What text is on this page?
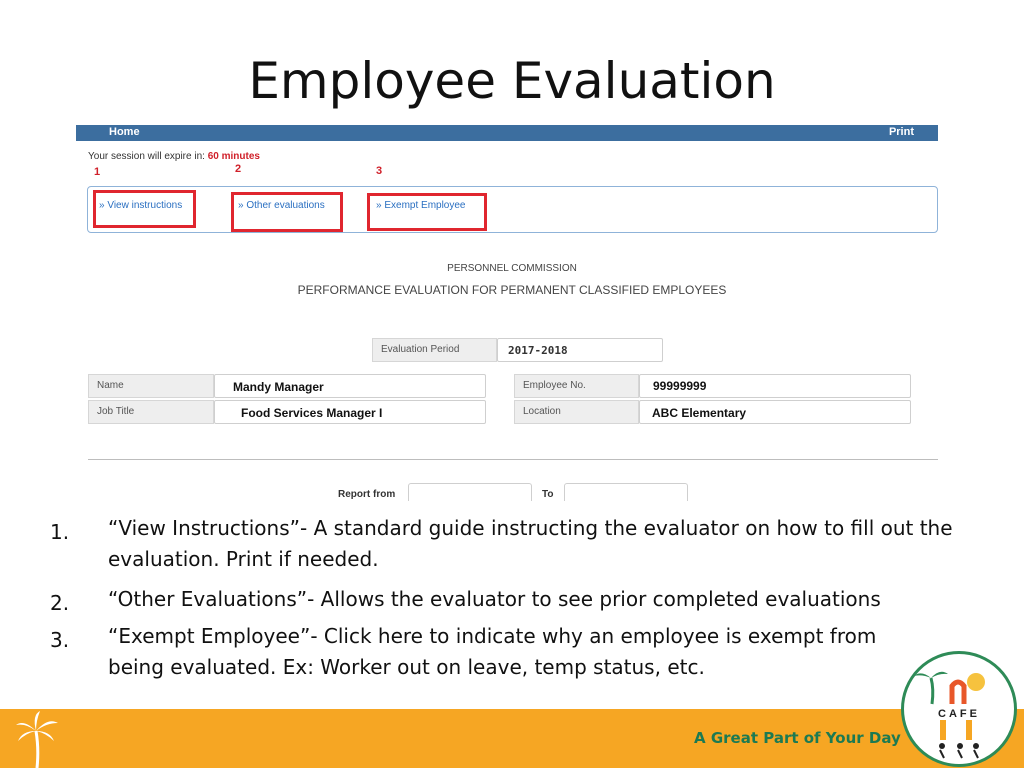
Employee Evaluation
Home	Print
Your session will expire in: 60 minutes
1	2	3
» View instructions	» Other evaluations	» Exempt Employee
PERSONNEL COMMISSION
PERFORMANCE EVALUATION FOR PERMANENT CLASSIFIED EMPLOYEES
Evaluation Period	2017-2018
Name	Mandy Manager
Job Title	Food Services Manager I
Employee No.	99999999
Location	ABC Elementary
Report from	To
1. “View Instructions”- A standard guide instructing the evaluator on how to fill out the evaluation. Print if needed.
2. “Other Evaluations”- Allows the evaluator to see prior completed evaluations
3. “Exempt Employee”- Click here to indicate why an employee is exempt from being evaluated. Ex: Worker out on leave, temp status, etc.
A Great Part of Your Day
CAFE
